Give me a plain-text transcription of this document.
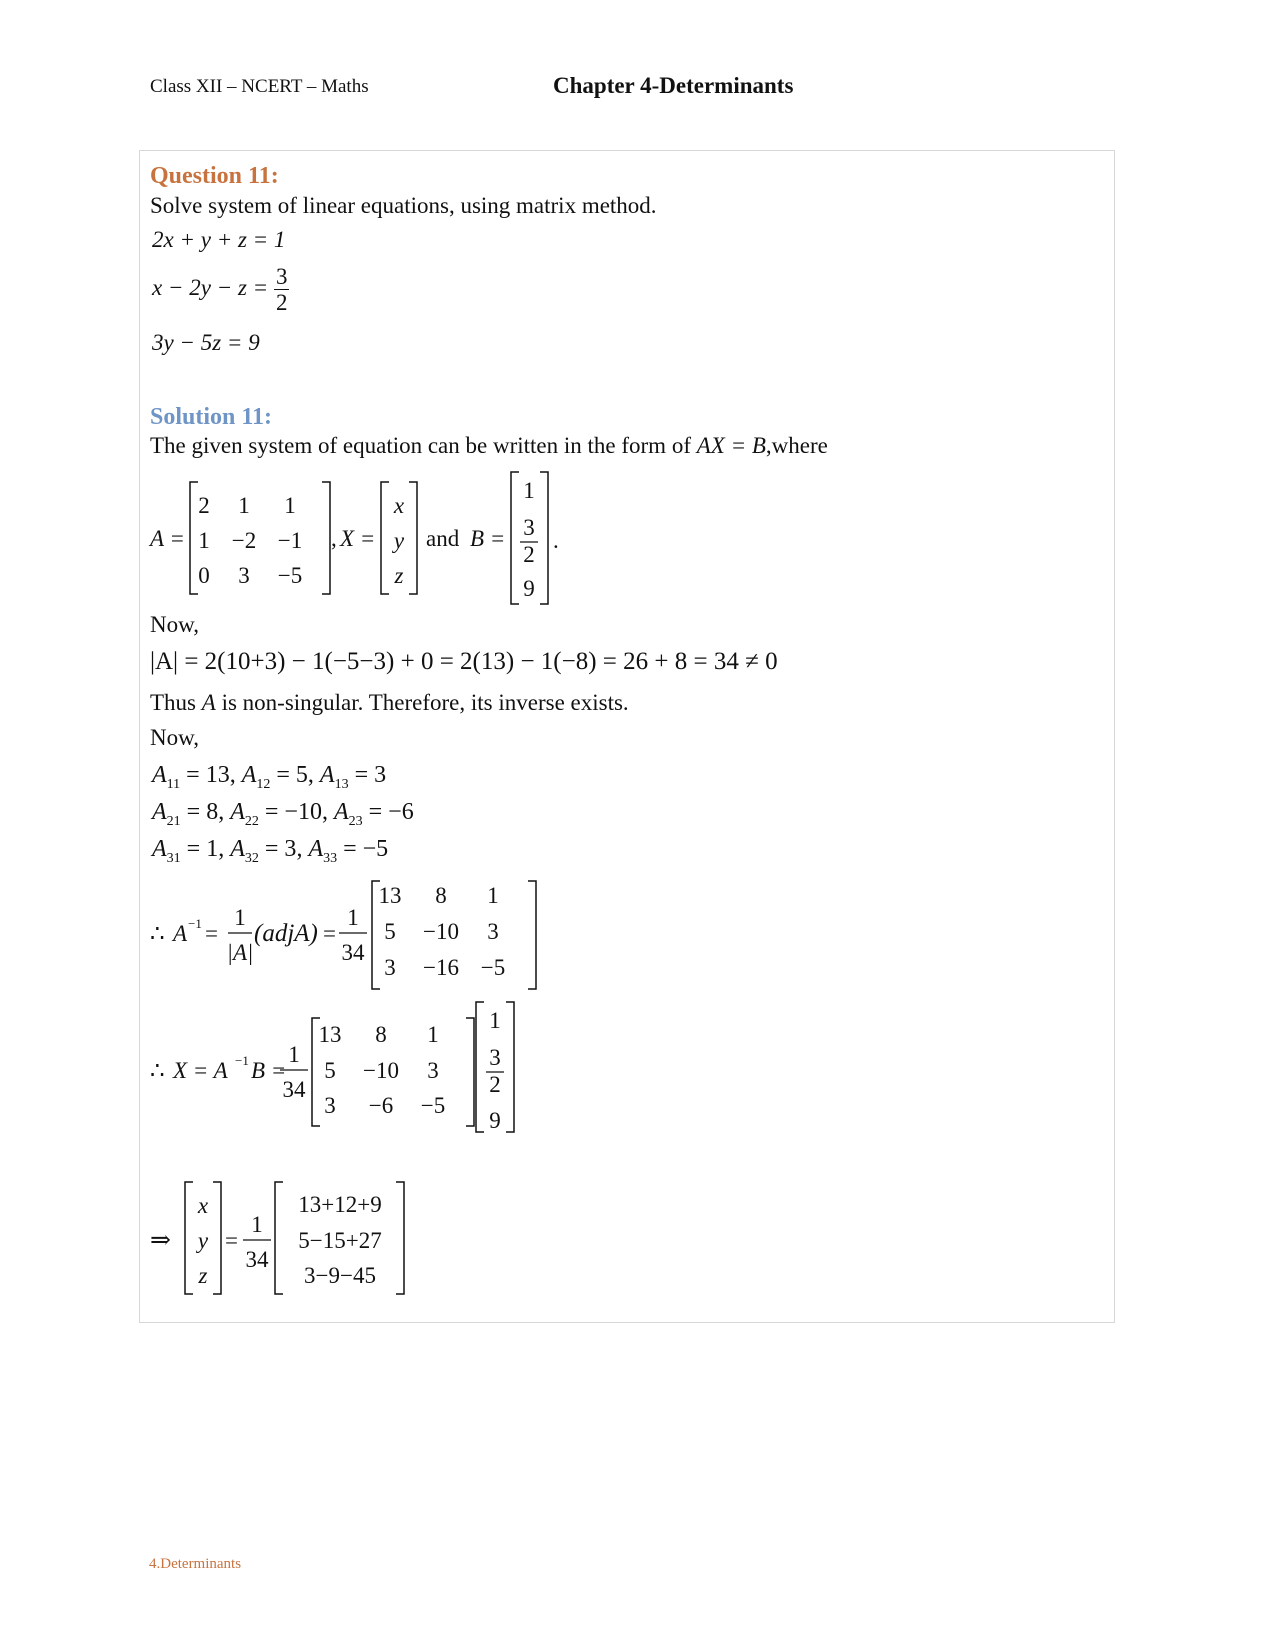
Class XII – NCERT – Maths	Chapter 4-Determinants
Question 11:
Solve system of linear equations, using matrix method.
2x + y + z = 1
$x - 2y - z = \frac{3}{2}$
3y − 5z = 9
Solution 11:
The given system of equation can be written in the form of AX = B,where
A =
2 1 1
1 −2 −1
0 3 −5
, X =
x
y
z
and B =
1
3
2
9
.
Now,
|A| = 2(10+3) − 1(−5−3) + 0 = 2(13) − 1(−8) = 26 + 8 = 34 ≠ 0
Thus A is non-singular. Therefore, its inverse exists.
Now,
$A_{11} = 13$, $A_{12} = 5$, $A_{13} = 3$
$A_{21} = 8$, $A_{22} = -10$, $A_{23} = -6$
$A_{31} = 1$, $A_{32} = 3$, $A_{33} = -5$
∴ A −1 =
1
|A|
(adjA) =
1
34
13 8 1
5 −10 3
3 −16 −5
∴ X = A −1 B =
1
34
13 8 1
5 −10 3
3 −6 −5
1
3
2
9
⇒
x
y
z
=
1
34
13+12+9
5−15+27
3−9−45
4.Determinants
